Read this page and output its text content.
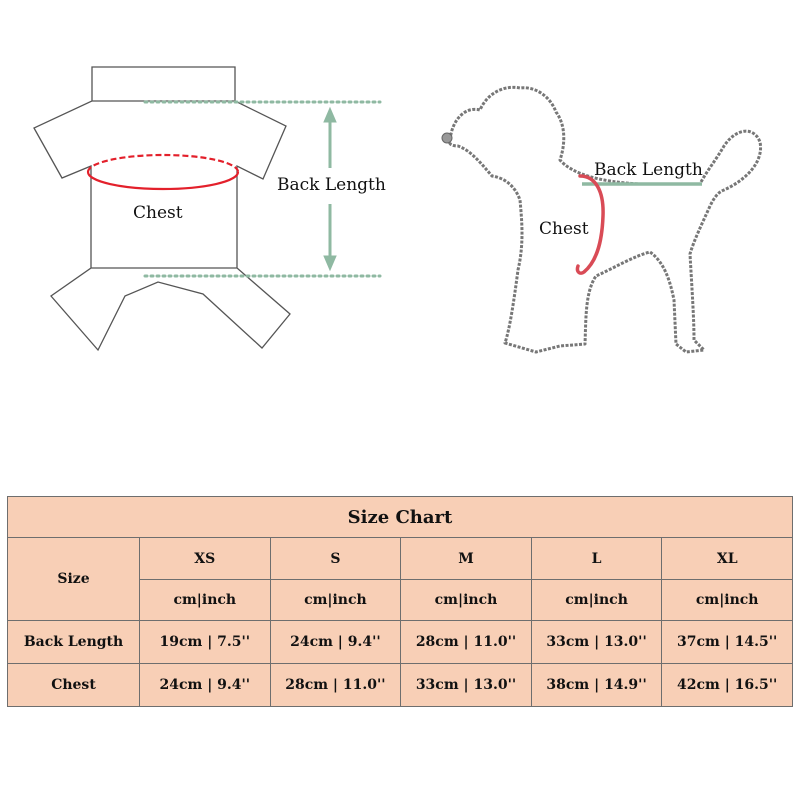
Chest
Back Length
Back Length
Chest
Size Chart					
Size	XS	S	M	L	XL
	cm|inch	cm|inch	cm|inch	cm|inch	cm|inch
Back Length	19cm | 7.5''	24cm | 9.4''	28cm | 11.0''	33cm | 13.0''	37cm | 14.5''
Chest	24cm | 9.4''	28cm | 11.0''	33cm | 13.0''	38cm | 14.9''	42cm | 16.5''
